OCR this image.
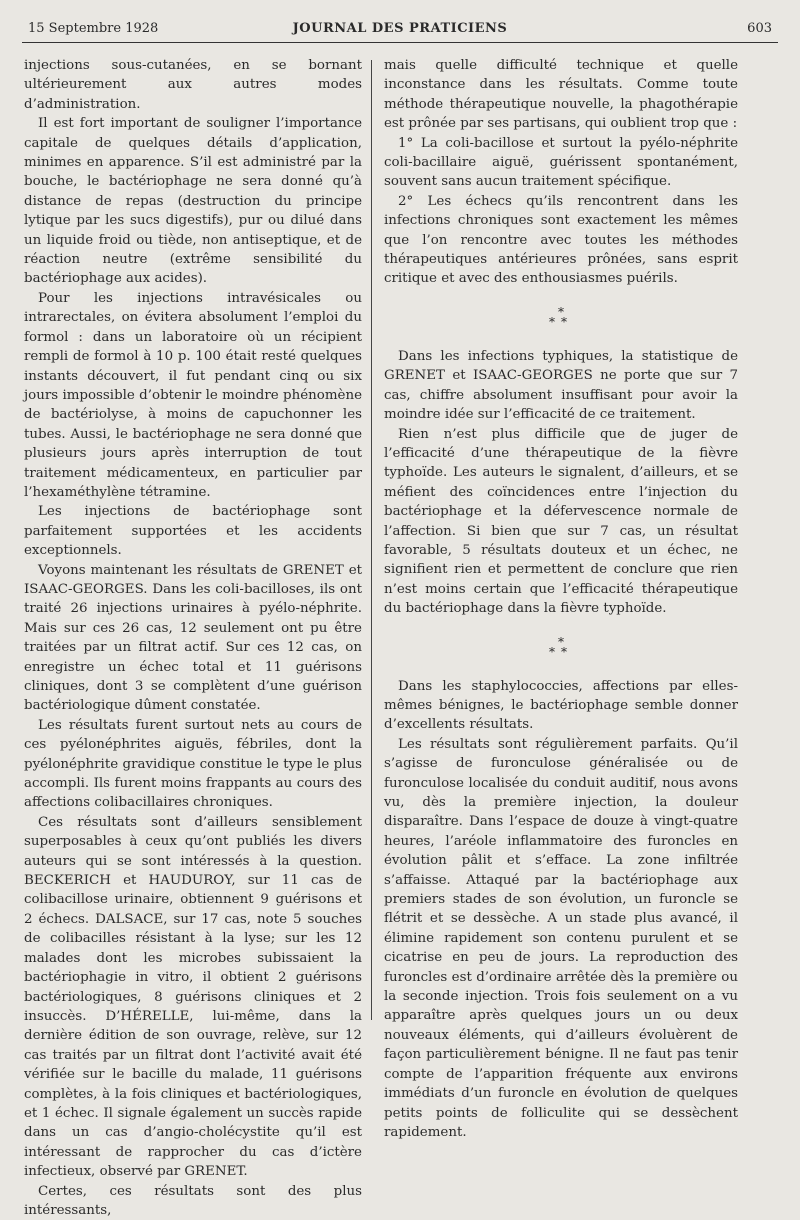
15 Septembre 1928	JOURNAL DES PRATICIENS	603

injections sous-cutanées, en se bornant ultérieurement aux autres modes d’administration.

Il est fort important de souligner l’importance capitale de quelques détails d’application, minimes en apparence. S’il est administré par la bouche, le bactériophage ne sera donné qu’à distance de repas (destruction du principe lytique par les sucs digestifs), pur ou dilué dans un liquide froid ou tiède, non antiseptique, et de réaction neutre (extrême sensibilité du bactériophage aux acides).

Pour les injections intravésicales ou intrarectales, on évitera absolument l’emploi du formol : dans un laboratoire où un récipient rempli de formol à 10 p. 100 était resté quelques instants découvert, il fut pendant cinq ou six jours impossible d’obtenir le moindre phénomène de bactériolyse, à moins de capuchonner les tubes. Aussi, le bactériophage ne sera donné que plusieurs jours après interruption de tout traitement médicamenteux, en particulier par l’hexaméthylène tétramine.

Les injections de bactériophage sont parfaitement supportées et les accidents exceptionnels.

Voyons maintenant les résultats de GRENET et ISAAC-GEORGES. Dans les coli-bacilloses, ils ont traité 26 injections urinaires à pyélo-néphrite. Mais sur ces 26 cas, 12 seulement ont pu être traitées par un filtrat actif. Sur ces 12 cas, on enregistre un échec total et 11 guérisons cliniques, dont 3 se complètent d’une guérison bactériologique dûment constatée.

Les résultats furent surtout nets au cours de ces pyélonéphrites aiguës, fébriles, dont la pyélonéphrite gravidique constitue le type le plus accompli. Ils furent moins frappants au cours des affections colibacillaires chroniques.

Ces résultats sont d’ailleurs sensiblement superposables à ceux qu’ont publiés les divers auteurs qui se sont intéressés à la question. BECKERICH et HAUDUROY, sur 11 cas de colibacillose urinaire, obtiennent 9 guérisons et 2 échecs. DALSACE, sur 17 cas, note 5 souches de colibacilles résistant à la lyse; sur les 12 malades dont les microbes subissaient la bactériophagie in vitro, il obtient 2 guérisons bactériologiques, 8 guérisons cliniques et 2 insuccès. D’HÉRELLE, lui-même, dans la dernière édition de son ouvrage, relève, sur 12 cas traités par un filtrat dont l’activité avait été vérifiée sur le bacille du malade, 11 guérisons complètes, à la fois cliniques et bactériologiques, et 1 échec. Il signale également un succès rapide dans un cas d’angio-cholécystite qu’il est intéressant de rapprocher du cas d’ictère infectieux, observé par GRENET.

Certes, ces résultats sont des plus intéressants,

mais quelle difficulté technique et quelle inconstance dans les résultats. Comme toute méthode thérapeutique nouvelle, la phagothérapie est prônée par ses partisans, qui oublient trop que :

1° La coli-bacillose et surtout la pyélo-néphrite coli-bacillaire aiguë, guérissent spontanément, souvent sans aucun traitement spécifique.

2° Les échecs qu’ils rencontrent dans les infections chroniques sont exactement les mêmes que l’on rencontre avec toutes les méthodes thérapeutiques antérieures prônées, sans esprit critique et avec des enthousiasmes puérils.

*
**

Dans les infections typhiques, la statistique de GRENET et ISAAC-GEORGES ne porte que sur 7 cas, chiffre absolument insuffisant pour avoir la moindre idée sur l’efficacité de ce traitement.

Rien n’est plus difficile que de juger de l’efficacité d’une thérapeutique de la fièvre typhoïde. Les auteurs le signalent, d’ailleurs, et se méfient des coïncidences entre l’injection du bactériophage et la défervescence normale de l’affection. Si bien que sur 7 cas, un résultat favorable, 5 résultats douteux et un échec, ne signifient rien et permettent de conclure que rien n’est moins certain que l’efficacité thérapeutique du bactériophage dans la fièvre typhoïde.

*
**

Dans les staphylococcies, affections par elles-mêmes bénignes, le bactériophage semble donner d’excellents résultats.

Les résultats sont régulièrement parfaits. Qu’il s’agisse de furonculose généralisée ou de furonculose localisée du conduit auditif, nous avons vu, dès la première injection, la douleur disparaître. Dans l’espace de douze à vingt-quatre heures, l’aréole inflammatoire des furoncles en évolution pâlit et s’efface. La zone infiltrée s’affaisse. Attaqué par la bactériophage aux premiers stades de son évolution, un furoncle se flétrit et se dessèche. A un stade plus avancé, il élimine rapidement son contenu purulent et se cicatrise en peu de jours. La reproduction des furoncles est d’ordinaire arrêtée dès la première ou la seconde injection. Trois fois seulement on a vu apparaître après quelques jours un ou deux nouveaux éléments, qui d’ailleurs évoluèrent de façon particulièrement bénigne. Il ne faut pas tenir compte de l’apparition fréquente aux environs immédiats d’un furoncle en évolution de quelques petits points de folliculite qui se dessèchent rapidement.
